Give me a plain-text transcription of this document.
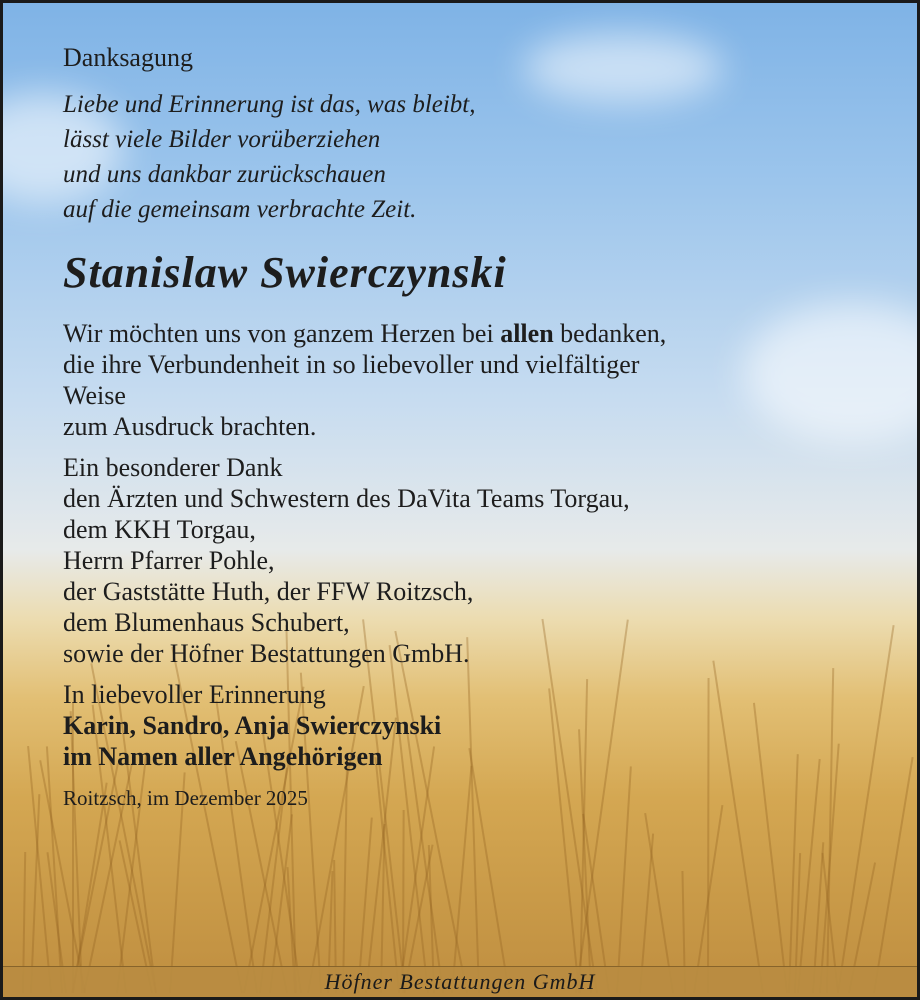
Danksagung
Liebe und Erinnerung ist das, was bleibt,
lässt viele Bilder vorüberziehen
und uns dankbar zurückschauen
auf die gemeinsam verbrachte Zeit.
Stanislaw Swierczynski
Wir möchten uns von ganzem Herzen bei allen bedanken,
die ihre Verbundenheit in so liebevoller und vielfältiger
Weise
zum Ausdruck brachten.
Ein besonderer Dank
den Ärzten und Schwestern des DaVita Teams Torgau,
dem KKH Torgau,
Herrn Pfarrer Pohle,
der Gaststätte Huth, der FFW Roitzsch,
dem Blumenhaus Schubert,
sowie der Höfner Bestattungen GmbH.
In liebevoller Erinnerung
Karin, Sandro, Anja Swierczynski
im Namen aller Angehörigen
Roitzsch, im Dezember 2025
Höfner Bestattungen GmbH
